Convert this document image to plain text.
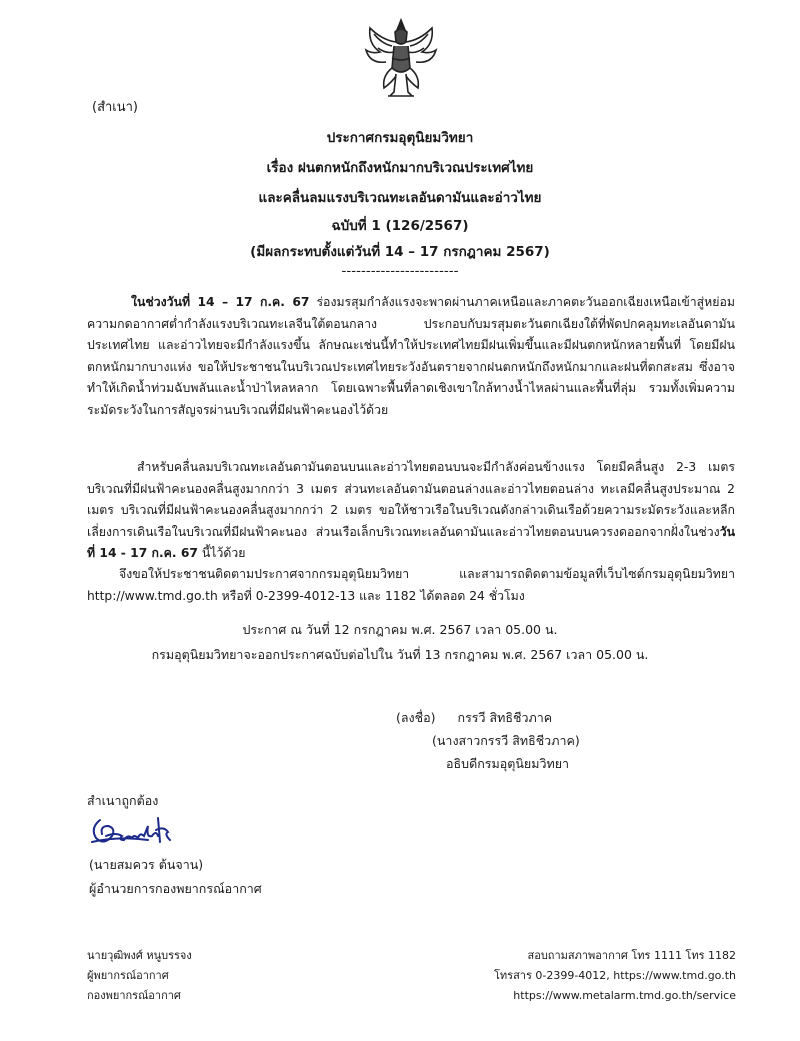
(สำเนา)
ประกาศกรมอุตุนิยมวิทยา
เรื่อง ฝนตกหนักถึงหนักมากบริเวณประเทศไทย
และคลื่นลมแรงบริเวณทะเลอันดามันและอ่าวไทย
ฉบับที่ 1 (126/2567)
(มีผลกระทบตั้งแต่วันที่ 14 – 17 กรกฎาคม 2567)
------------------------

ในช่วงวันที่ 14 – 17 ก.ค. 67 ร่องมรสุมกำลังแรงจะพาดผ่านภาคเหนือและภาคตะวันออกเฉียงเหนือเข้าสู่หย่อมความกดอากาศต่ำกำลังแรงบริเวณทะเลจีนใต้ตอนกลาง ประกอบกับมรสุมตะวันตกเฉียงใต้ที่พัดปกคลุมทะเลอันดามัน ประเทศไทย และอ่าวไทยจะมีกำลังแรงขึ้น ลักษณะเช่นนี้ทำให้ประเทศไทยมีฝนเพิ่มขึ้นและมีฝนตกหนักหลายพื้นที่ โดยมีฝนตกหนักมากบางแห่ง ขอให้ประชาชนในบริเวณประเทศไทยระวังอันตรายจากฝนตกหนักถึงหนักมากและฝนที่ตกสะสม ซึ่งอาจทำให้เกิดน้ำท่วมฉับพลันและน้ำป่าไหลหลาก โดยเฉพาะพื้นที่ลาดเชิงเขาใกล้ทางน้ำไหลผ่านและพื้นที่ลุ่ม รวมทั้งเพิ่มความระมัดระวังในการสัญจรผ่านบริเวณที่มีฝนฟ้าคะนองไว้ด้วย

สำหรับคลื่นลมบริเวณทะเลอันดามันตอนบนและอ่าวไทยตอนบนจะมีกำลังค่อนข้างแรง โดยมีคลื่นสูง 2-3 เมตร บริเวณที่มีฝนฟ้าคะนองคลื่นสูงมากกว่า 3 เมตร ส่วนทะเลอันดามันตอนล่างและอ่าวไทยตอนล่าง ทะเลมีคลื่นสูงประมาณ 2 เมตร บริเวณที่มีฝนฟ้าคะนองคลื่นสูงมากกว่า 2 เมตร ขอให้ชาวเรือในบริเวณดังกล่าวเดินเรือด้วยความระมัดระวังและหลีกเลี่ยงการเดินเรือในบริเวณที่มีฝนฟ้าคะนอง ส่วนเรือเล็กบริเวณทะเลอันดามันและอ่าวไทยตอนบนควรงดออกจากฝั่งในช่วงวันที่ 14 - 17 ก.ค. 67 นี้ไว้ด้วย

จึงขอให้ประชาชนติดตามประกาศจากกรมอุตุนิยมวิทยา และสามารถติดตามข้อมูลที่เว็บไซต์กรมอุตุนิยมวิทยา http://www.tmd.go.th หรือที่ 0-2399-4012-13 และ 1182 ได้ตลอด 24 ชั่วโมง

ประกาศ ณ วันที่ 12 กรกฎาคม พ.ศ. 2567 เวลา 05.00 น.
กรมอุตุนิยมวิทยาจะออกประกาศฉบับต่อไปใน วันที่ 13 กรกฎาคม พ.ศ. 2567 เวลา 05.00 น.
(ลงชื่อ) กรรวี สิทธิชีวภาค
(นางสาวกรรวี สิทธิชีวภาค)
อธิบดีกรมอุตุนิยมวิทยา
สำเนาถูกต้อง
(นายสมควร ต้นจาน)
ผู้อำนวยการกองพยากรณ์อากาศ
นายวุฒิพงศ์ หนูบรรจง
ผู้พยากรณ์อากาศ
กองพยากรณ์อากาศ
สอบถามสภาพอากาศ โทร 1111 โทร 1182
โทรสาร 0-2399-4012, https://www.tmd.go.th
https://www.metalarm.tmd.go.th/service
